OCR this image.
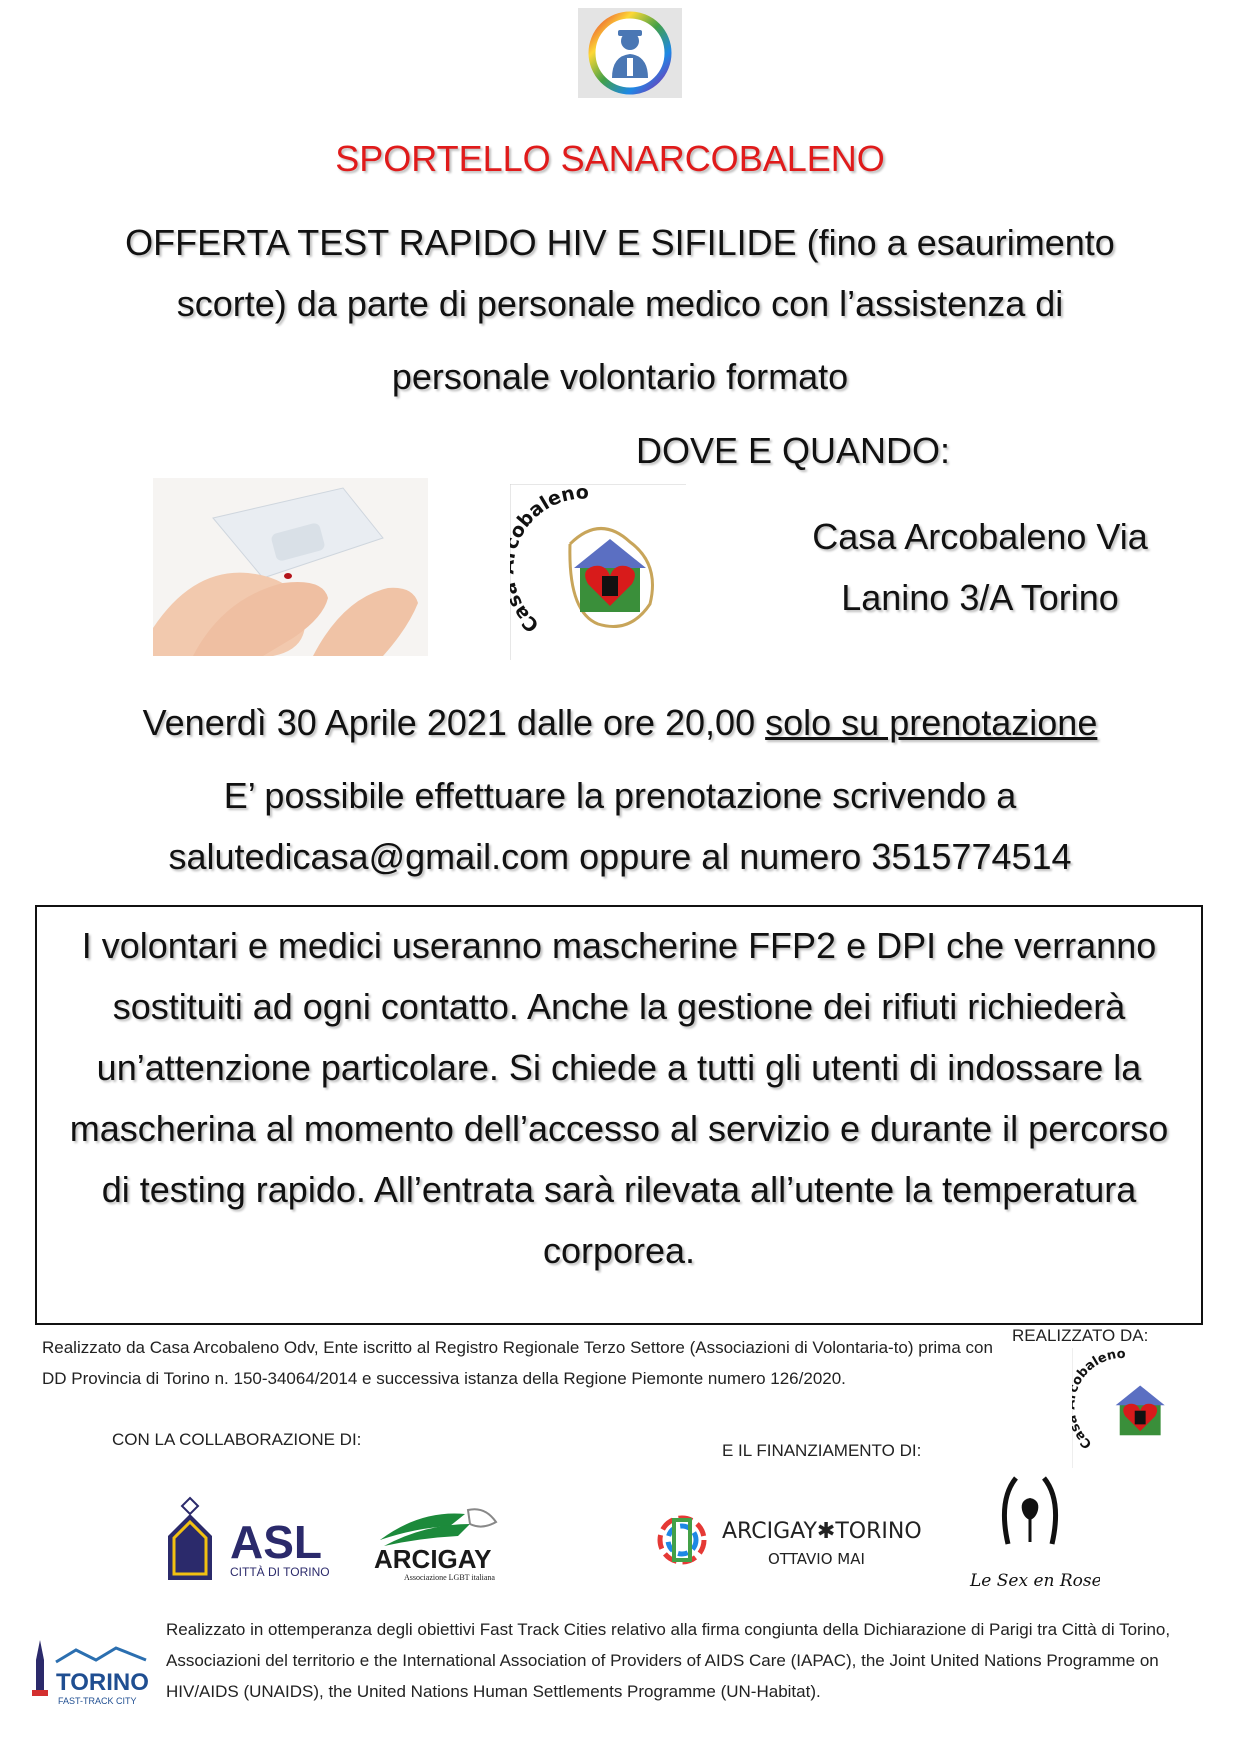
SPORTELLO SANARCOBALENO
OFFERTA TEST RAPIDO HIV E SIFILIDE (fino a esaurimento
scorte) da parte di personale medico con l’assistenza di
personale volontario formato
DOVE E QUANDO:
Ca baleno
Casa Arcobaleno Via
Lanino 3/A Torino
Venerdì 30 Aprile 2021 dalle ore 20,00 solo su prenotazione
E’ possibile effettuare la prenotazione scrivendo a
salutedicasa@gmail.com oppure al numero 3515774514

I volontari e medici useranno mascherine FFP2 e DPI che verranno sostituiti ad ogni contatto. Anche la gestione dei rifiuti richiederà un’attenzione particolare. Si chiede a tutti gli utenti di indossare la mascherina al momento dell’accesso al servizio e durante il percorso di testing rapido. All’entrata sarà rilevata all’utente la temperatura corporea.

Realizzato da Casa Arcobaleno Odv, Ente iscritto al Registro Regionale Terzo Settore (Associazioni di Volontaria-to) prima con DD Provincia di Torino n. 150-34064/2014 e successiva istanza della Regione Piemonte numero 126/2020.
REALIZZATO DA:
Ca baleno
CON LA COLLABORAZIONE DI:
E IL FINANZIAMENTO DI:
ASL
CITTÀ DI TORINO ARCIGAY
Associazione LGBT italiana
ARCIGAY✱TORINO
OTTAVIO MAI
Le Sex en Rose
TORINO
FAST-TRACK CITY
Realizzato in ottemperanza degli obiettivi Fast Track Cities relativo alla firma congiunta della Dichiarazione di Parigi tra Città di Torino, Associazioni del territorio e the International Association of Providers of AIDS Care (IAPAC), the Joint United Nations Programme on HIV/AIDS (UNAIDS), the United Nations Human Settlements Programme (UN-Habitat).
